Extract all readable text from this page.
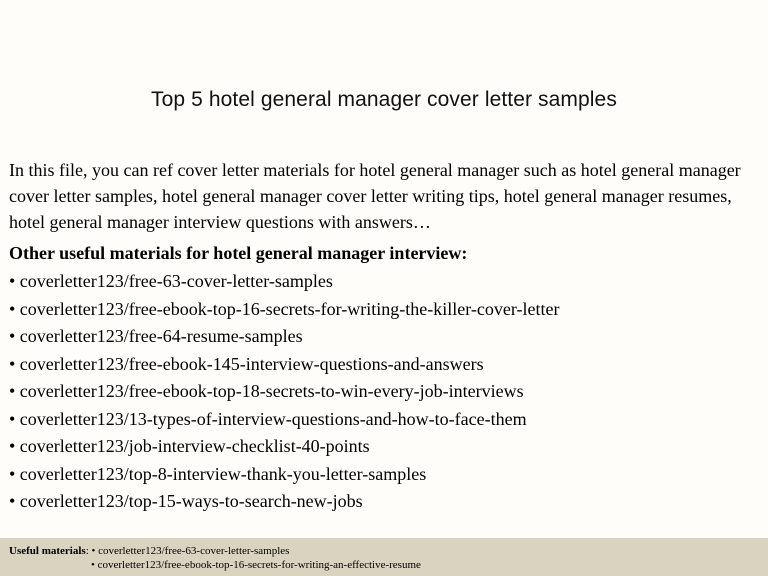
Top 5 hotel general manager cover letter samples
In this file, you can ref cover letter materials for hotel general manager such as hotel general manager cover letter samples, hotel general manager cover letter writing tips, hotel general manager resumes, hotel general manager interview questions with answers…
Other useful materials for hotel general manager interview:
• coverletter123/free-63-cover-letter-samples
• coverletter123/free-ebook-top-16-secrets-for-writing-the-killer-cover-letter
• coverletter123/free-64-resume-samples
• coverletter123/free-ebook-145-interview-questions-and-answers
• coverletter123/free-ebook-top-18-secrets-to-win-every-job-interviews
• coverletter123/13-types-of-interview-questions-and-how-to-face-them
• coverletter123/job-interview-checklist-40-points
• coverletter123/top-8-interview-thank-you-letter-samples
• coverletter123/top-15-ways-to-search-new-jobs
Useful materials: • coverletter123/free-63-cover-letter-samples
• coverletter123/free-ebook-top-16-secrets-for-writing-an-effective-resume
